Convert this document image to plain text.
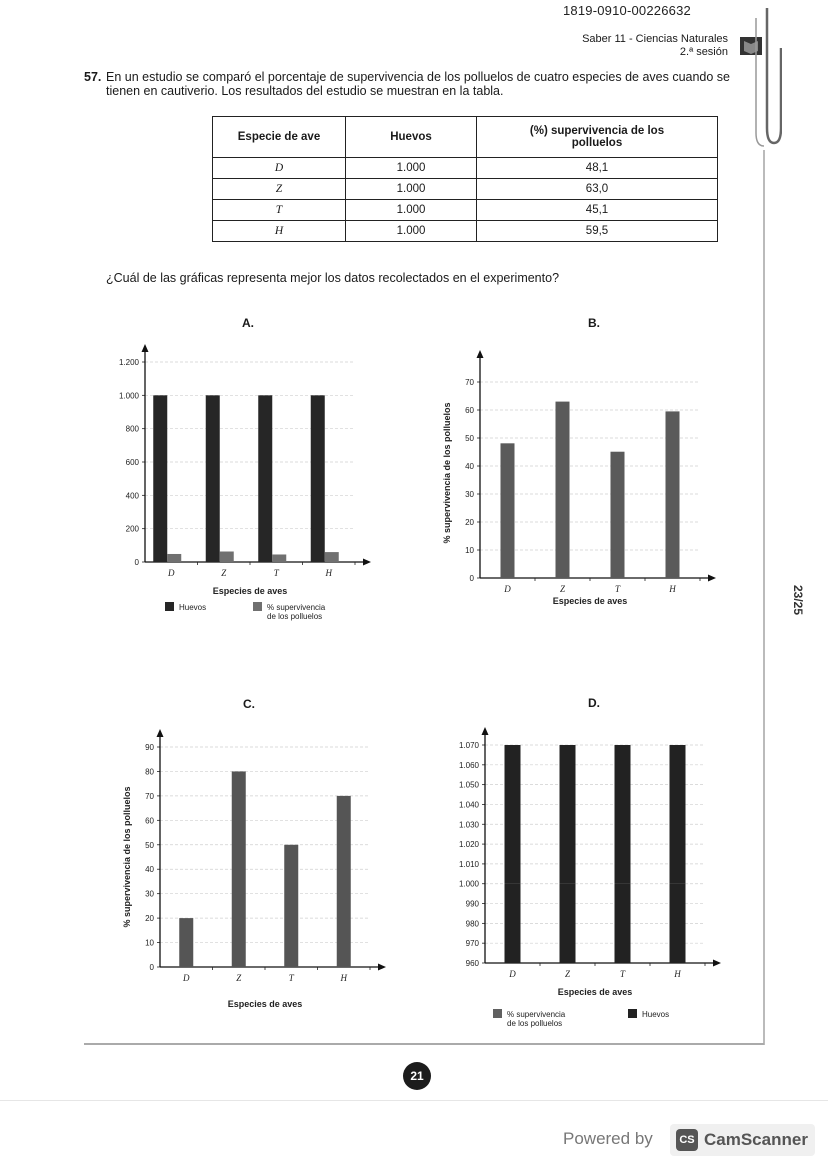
1819-0910-00226632
Saber 11 - Ciencias Naturales
2.ª sesión
23/25
57. En un estudio se comparó el porcentaje de supervivencia de los polluelos de cuatro especies de aves cuando se tienen en cautiverio. Los resultados del estudio se muestran en la tabla.
Especie de ave	Huevos	(%) supervivencia de los polluelos
D	1.000	48,1
Z	1.000	63,0
T	1.000	45,1
H	1.000	59,5
¿Cuál de las gráficas representa mejor los datos recolectados en el experimento?
A.	B.
C.	D.
0
200
400
600
800
1.000
1.200
D	Z	T	H
Especies de aves
Huevos	% supervivencia
de los polluelos
0
10
20
30
40
50
60
70
D	Z	T	H
Especies de aves
% supervivencia de los polluelos
0
10
20
30
40
50
60
70
80
90
D	Z	T	H
Especies de aves
% supervivencia de los polluelos
960
970
980
990
1.000
1.010
1.020
1.030
1.040
1.050
1.060
1.070
D	Z	T	H
Especies de aves
% supervivencia
de los polluelos
Huevos
21
Powered by	CS CamScanner
